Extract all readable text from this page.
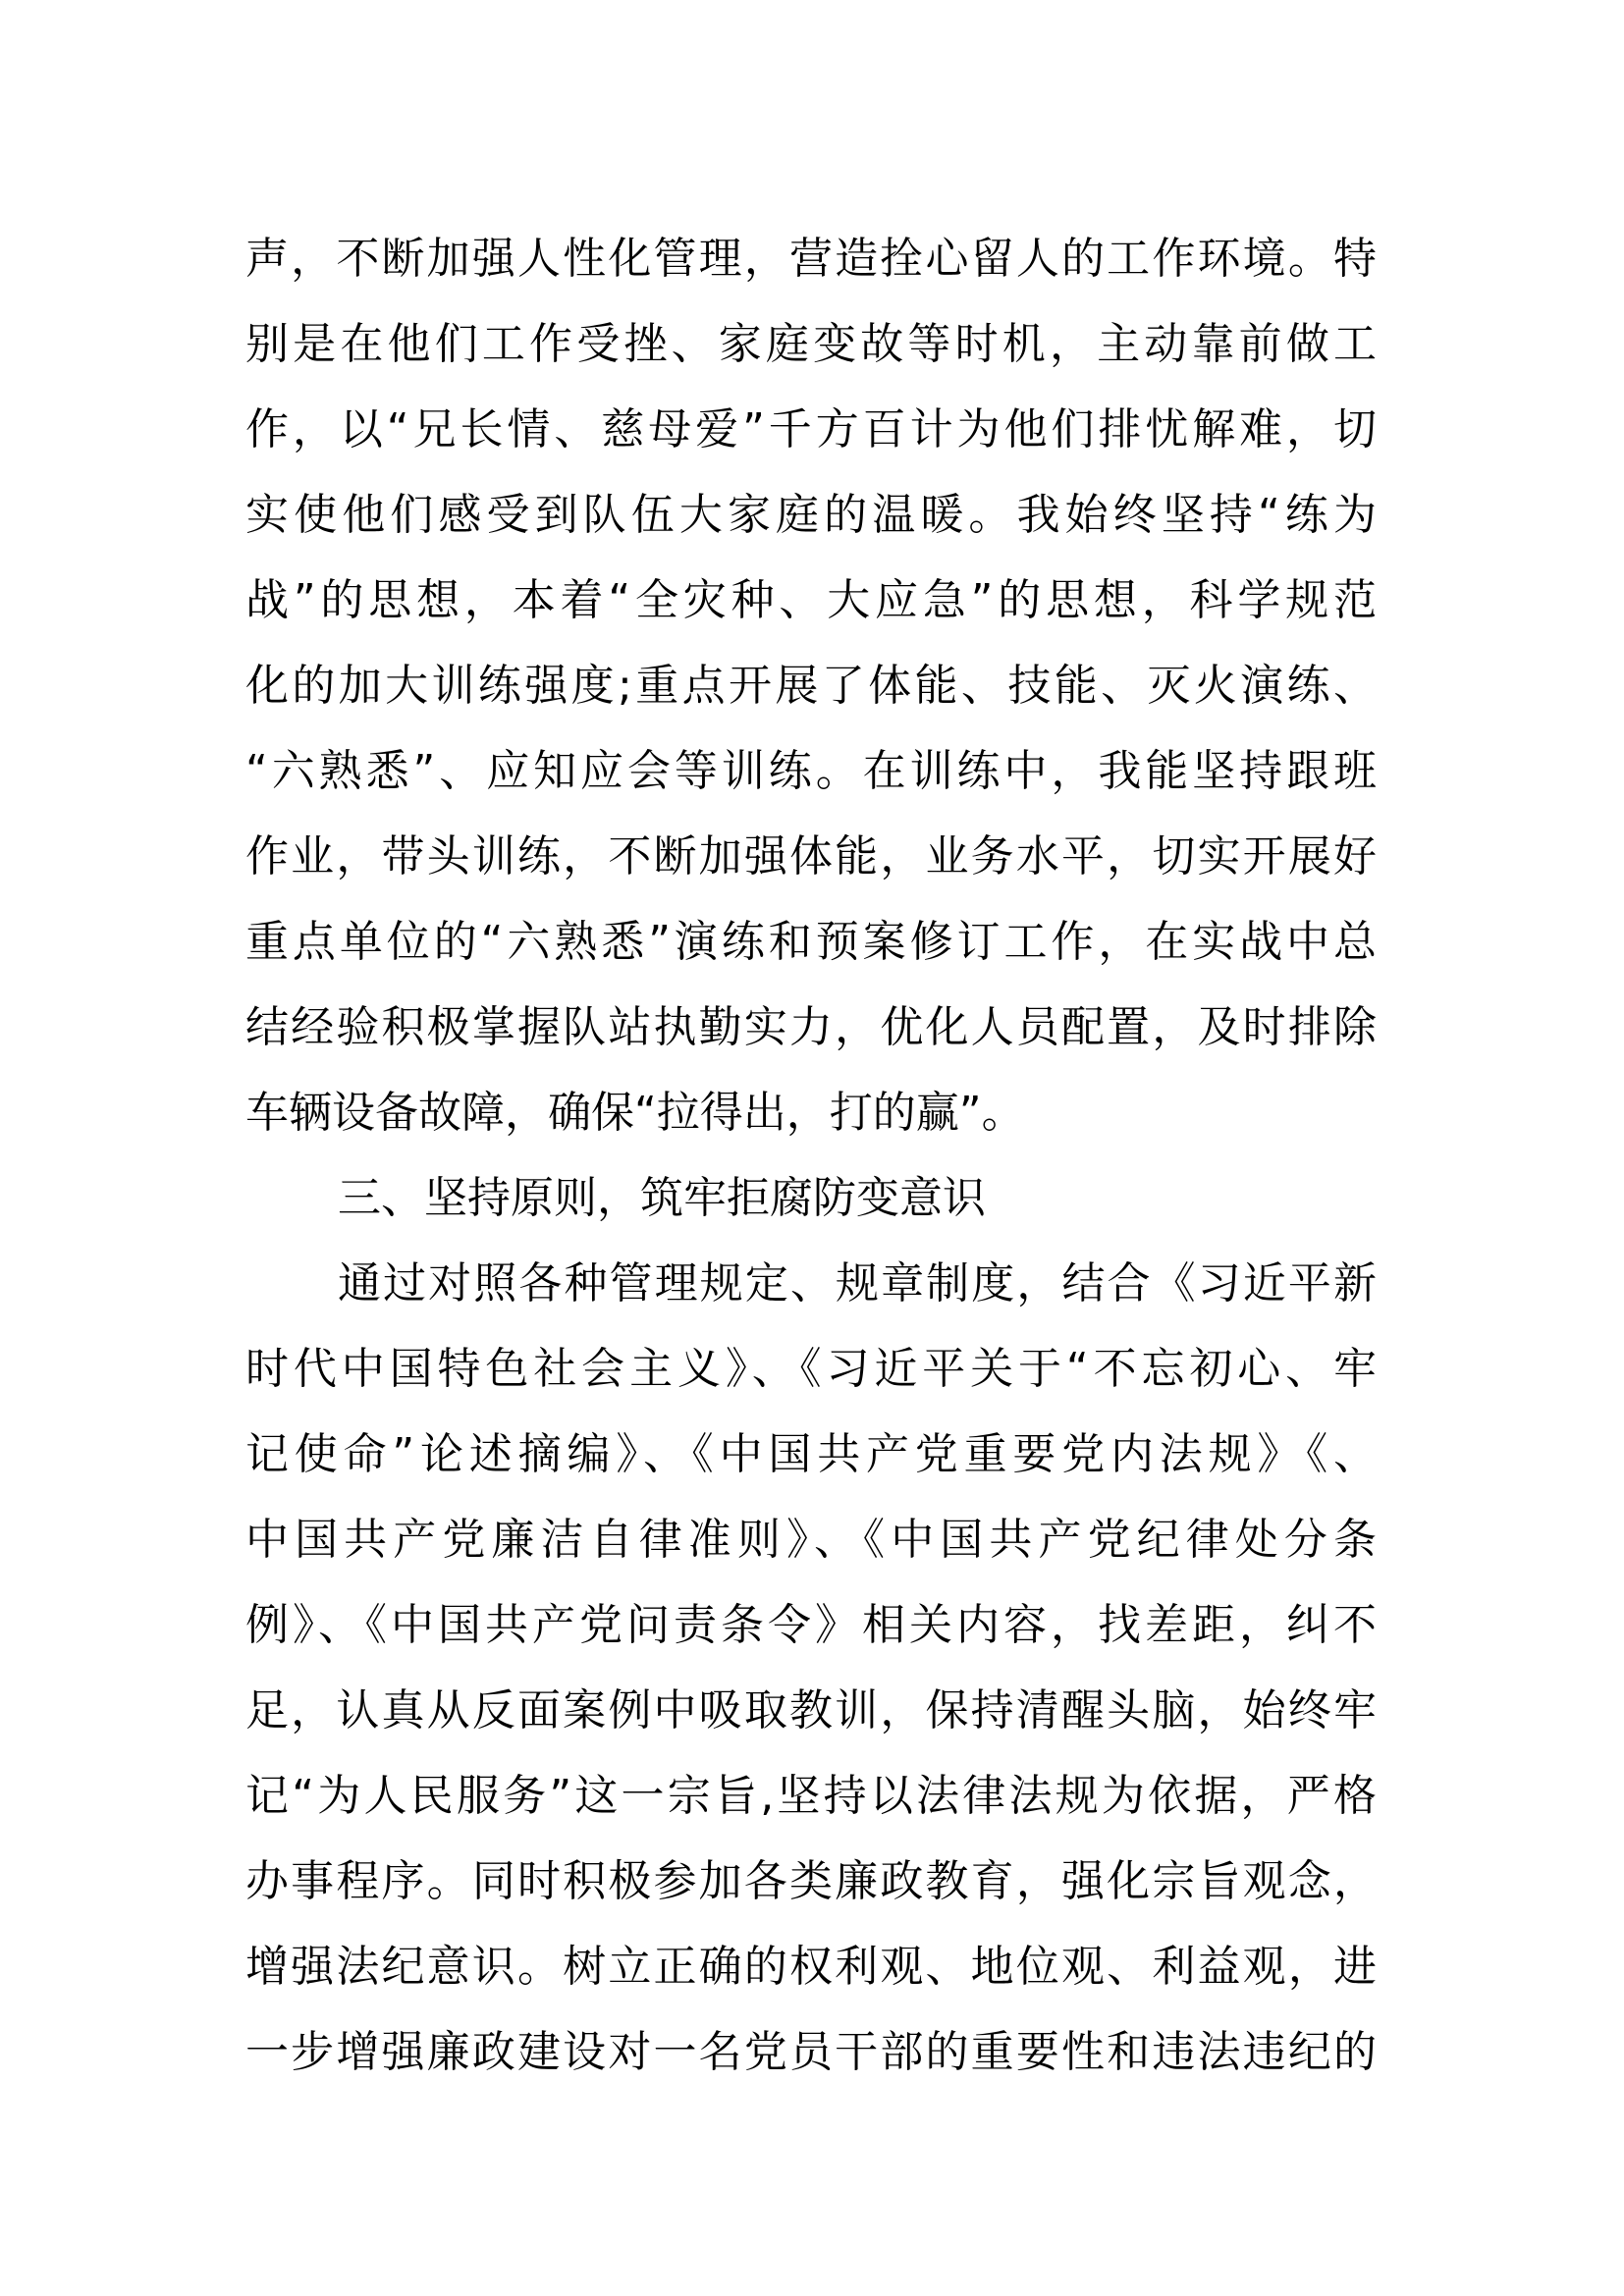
声，不断加强人性化管理，营造拴心留人的工作环境。特
别是在他们工作受挫、家庭变故等时机，主动靠前做工
作，以“兄长情、慈母爱”千方百计为他们排忧解难，切
实使他们感受到队伍大家庭的温暖。我始终坚持“练为
战”的思想，本着“全灾种、大应急”的思想，科学规范
化的加大训练强度;重点开展了体能、技能、灭火演练、
“六熟悉”、应知应会等训练。在训练中，我能坚持跟班
作业，带头训练，不断加强体能，业务水平，切实开展好
重点单位的“六熟悉”演练和预案修订工作，在实战中总
结经验积极掌握队站执勤实力，优化人员配置，及时排除
车辆设备故障，确保“拉得出，打的赢”。
三、坚持原则，筑牢拒腐防变意识
通过对照各种管理规定、规章制度，结合《习近平新
时代中国特色社会主义》、《习近平关于“不忘初心、牢
记使命”论述摘编》、《中国共产党重要党内法规》《、
中国共产党廉洁自律准则》、《中国共产党纪律处分条
例》、《中国共产党问责条令》相关内容，找差距，纠不
足，认真从反面案例中吸取教训，保持清醒头脑，始终牢
记“为人民服务”这一宗旨,坚持以法律法规为依据，严格
办事程序。同时积极参加各类廉政教育，强化宗旨观念，
增强法纪意识。树立正确的权利观、地位观、利益观，进
一步增强廉政建设对一名党员干部的重要性和违法违纪的
